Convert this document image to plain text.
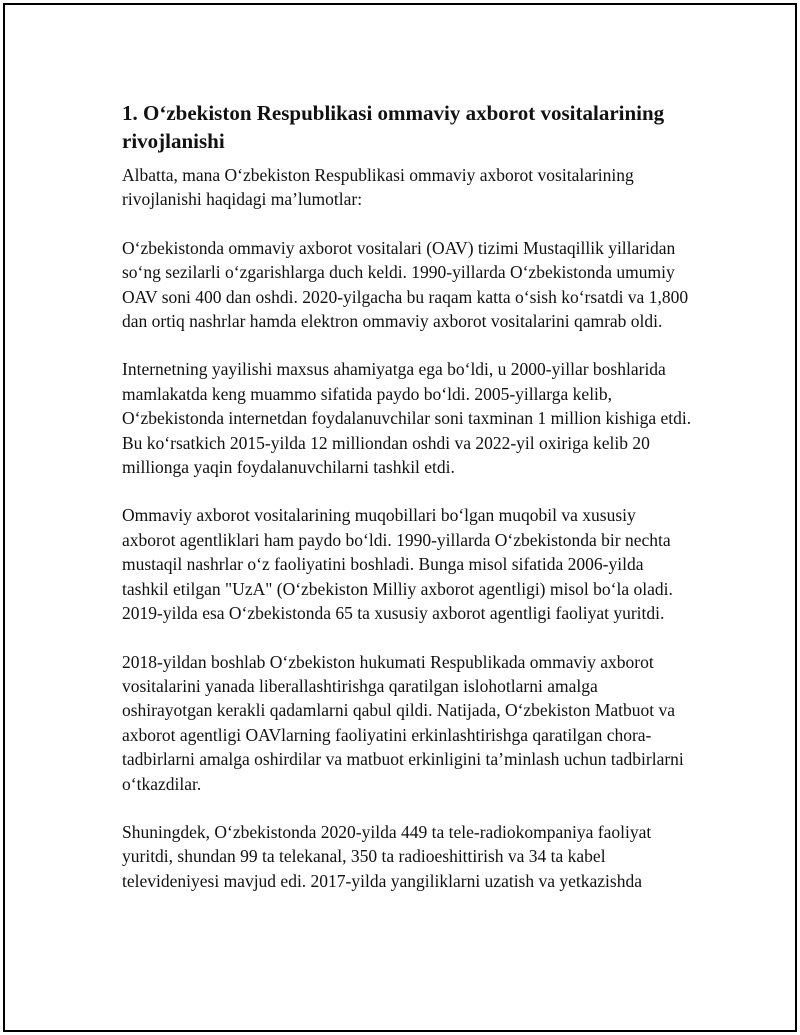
1. O‘zbekiston Respublikasi ommaviy axborot vositalarining rivojlanishi

Albatta, mana O‘zbekiston Respublikasi ommaviy axborot vositalarining rivojlanishi haqidagi ma’lumotlar:

O‘zbekistonda ommaviy axborot vositalari (OAV) tizimi Mustaqillik yillaridan so‘ng sezilarli o‘zgarishlarga duch keldi. 1990-yillarda O‘zbekistonda umumiy OAV soni 400 dan oshdi. 2020-yilgacha bu raqam katta o‘sish ko‘rsatdi va 1,800 dan ortiq nashrlar hamda elektron ommaviy axborot vositalarini qamrab oldi.

Internetning yayilishi maxsus ahamiyatga ega bo‘ldi, u 2000-yillar boshlarida mamlakatda keng muammo sifatida paydo bo‘ldi. 2005-yillarga kelib, O‘zbekistonda internetdan foydalanuvchilar soni taxminan 1 million kishiga etdi. Bu ko‘rsatkich 2015-yilda 12 milliondan oshdi va 2022-yil oxiriga kelib 20 millionga yaqin foydalanuvchilarni tashkil etdi.

Ommaviy axborot vositalarining muqobillari bo‘lgan muqobil va xususiy axborot agentliklari ham paydo bo‘ldi. 1990-yillarda O‘zbekistonda bir nechta mustaqil nashrlar o‘z faoliyatini boshladi. Bunga misol sifatida 2006-yilda tashkil etilgan "UzA" (O‘zbekiston Milliy axborot agentligi) misol bo‘la oladi. 2019-yilda esa O‘zbekistonda 65 ta xususiy axborot agentligi faoliyat yuritdi.

2018-yildan boshlab O‘zbekiston hukumati Respublikada ommaviy axborot vositalarini yanada liberallashtirishga qaratilgan islohotlarni amalga oshirayotgan kerakli qadamlarni qabul qildi. Natijada, O‘zbekiston Matbuot va axborot agentligi OAVlarning faoliyatini erkinlashtirishga qaratilgan chora-tadbirlarni amalga oshirdilar va matbuot erkinligini ta’minlash uchun tadbirlarni o‘tkazdilar.

Shuningdek, O‘zbekistonda 2020-yilda 449 ta tele-radiokompaniya faoliyat yuritdi, shundan 99 ta telekanal, 350 ta radioeshittirish va 34 ta kabel televideniyesi mavjud edi. 2017-yilda yangiliklarni uzatish va yetkazishda
